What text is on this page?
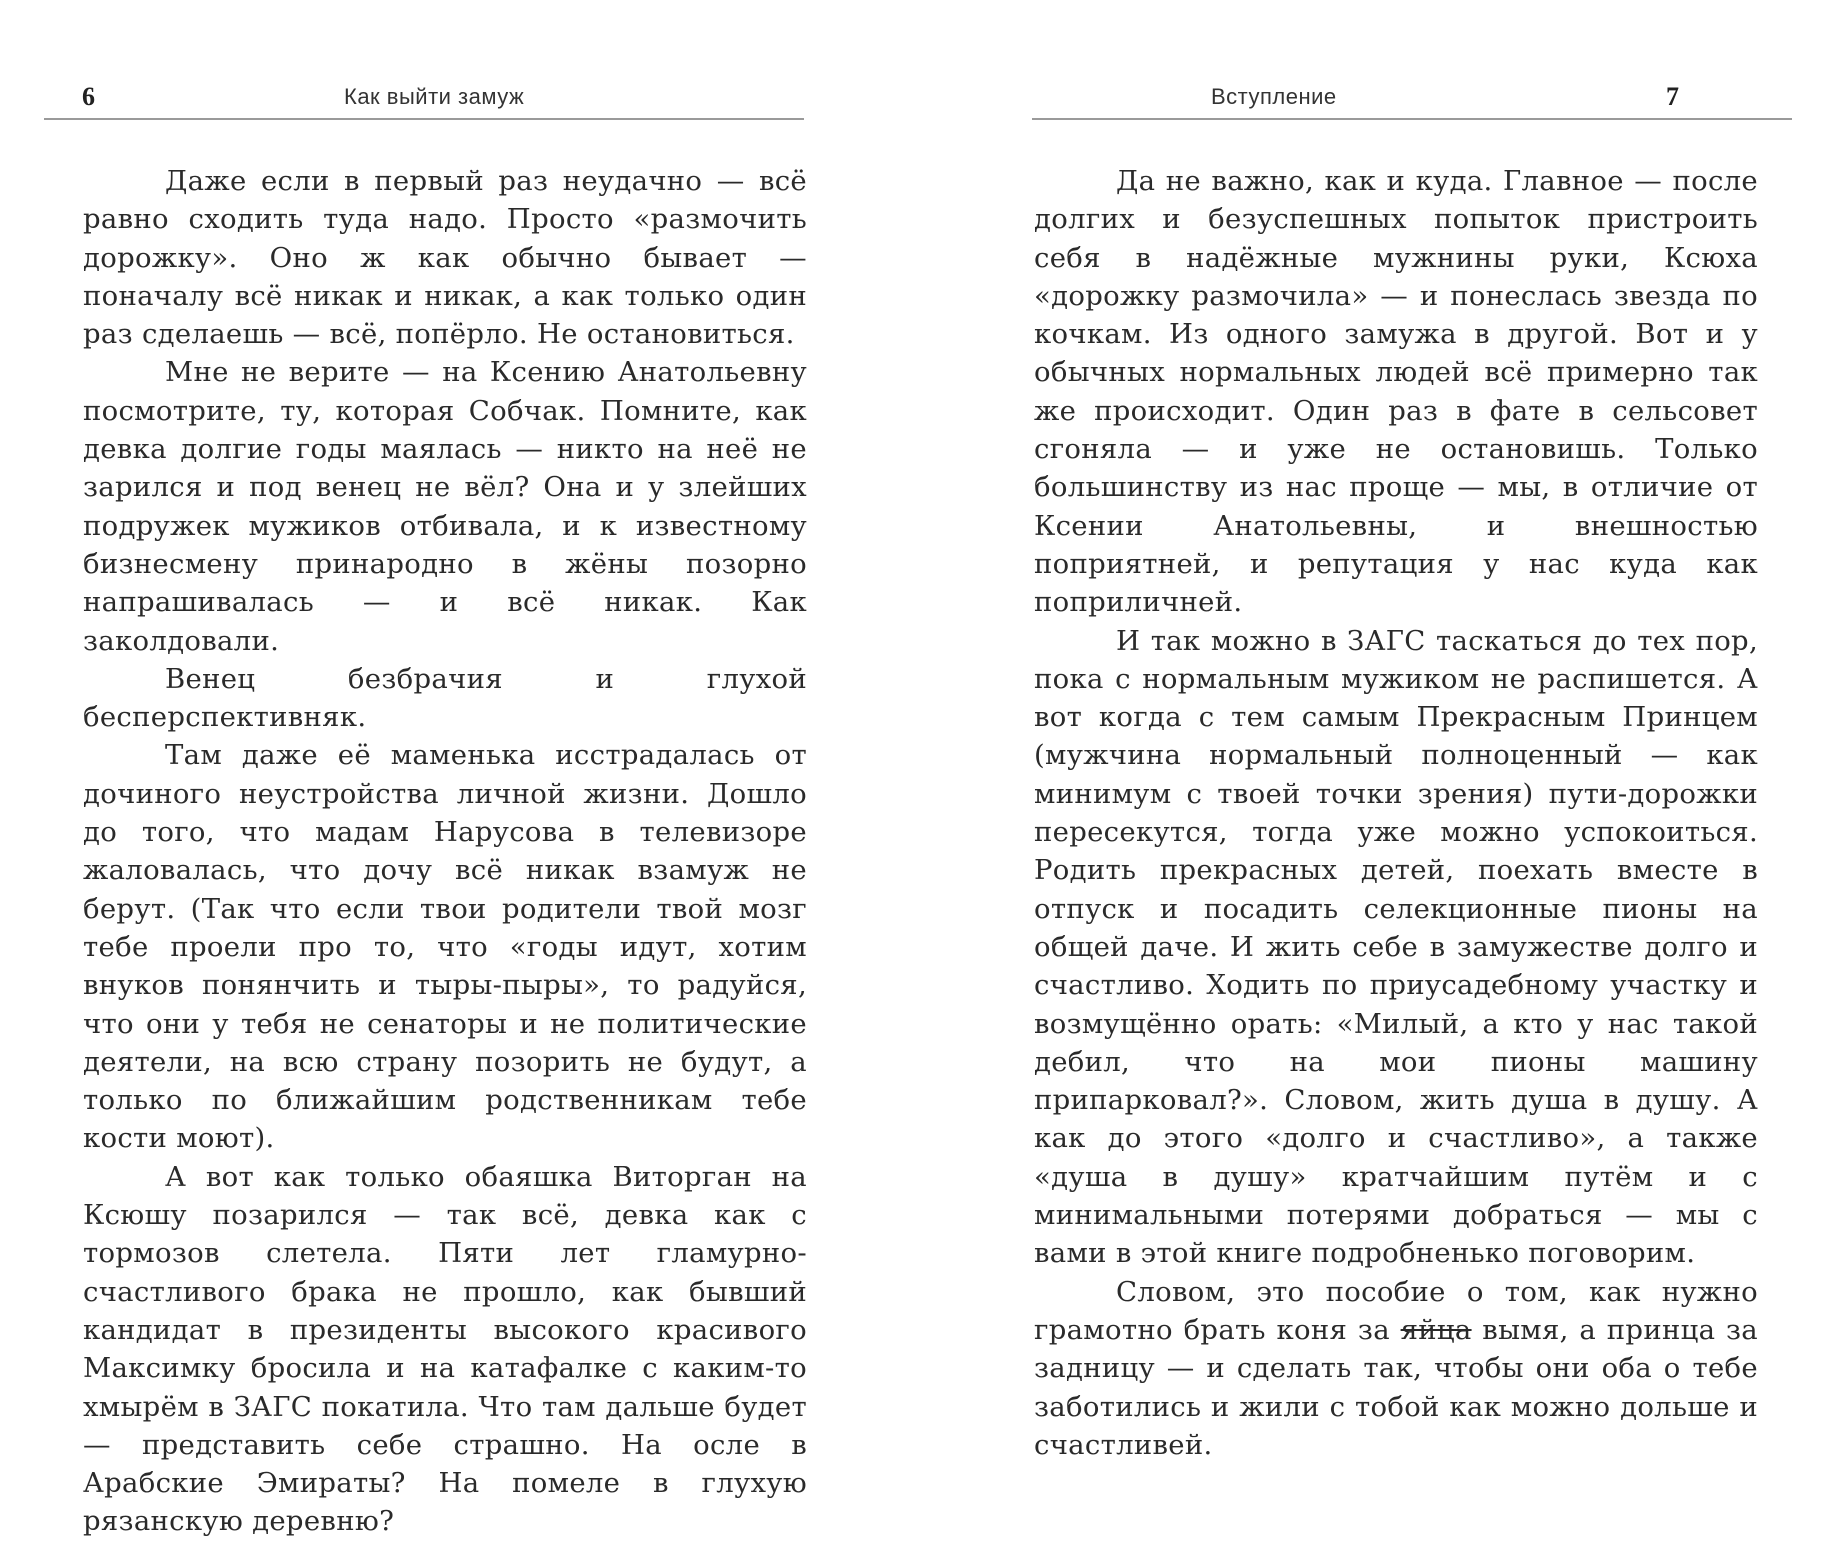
6	Как выйти замуж

Даже если в первый раз неудачно — всё равно сходить туда надо. Просто «размочить дорожку». Оно ж как обычно бывает — поначалу всё никак и никак, а как только один раз сделаешь — всё, попёрло. Не остановиться.

Мне не верите — на Ксению Анатольевну посмотрите, ту, которая Собчак. Помните, как девка долгие годы маялась — никто на неё не зарился и под венец не вёл? Она и у злейших подружек мужиков отбивала, и к известному бизнесмену принародно в жёны позорно напрашивалась — и всё никак. Как заколдовали.

Венец безбрачия и глухой бесперспективняк.

Там даже её маменька исстрадалась от дочиного неустройства личной жизни. Дошло до того, что мадам Нарусова в телевизоре жаловалась, что дочу всё никак взамуж не берут. (Так что если твои родители твой мозг тебе проели про то, что «годы идут, хотим внуков понянчить и тыры-пыры», то радуйся, что они у тебя не сенаторы и не политические деятели, на всю страну позорить не будут, а только по ближайшим родственникам тебе кости моют).

А вот как только обаяшка Виторган на Ксюшу позарился — так всё, девка как с тормозов слетела. Пяти лет гламурно-счастливого брака не прошло, как бывший кандидат в президенты высокого красивого Максимку бросила и на катафалке с каким-то хмырём в ЗАГС покатила. Что там дальше будет — представить себе страшно. На осле в Арабские Эмираты? На помеле в глухую рязанскую деревню?

Вступление	7

Да не важно, как и куда. Главное — после долгих и безуспешных попыток пристроить себя в надёжные мужнины руки, Ксюха «дорожку размочила» — и понеслась звезда по кочкам. Из одного замужа в другой. Вот и у обычных нормальных людей всё примерно так же происходит. Один раз в фате в сельсовет сгоняла — и уже не остановишь. Только большинству из нас проще — мы, в отличие от Ксении Анатольевны, и внешностью поприятней, и репутация у нас куда как поприличней.

И так можно в ЗАГС таскаться до тех пор, пока с нормальным мужиком не распишется. А вот когда с тем самым Прекрасным Принцем (мужчина нормальный полноценный — как минимум с твоей точки зрения) пути-дорожки пересекутся, тогда уже можно успокоиться. Родить прекрасных детей, поехать вместе в отпуск и посадить селекционные пионы на общей даче. И жить себе в замужестве долго и счастливо. Ходить по приусадебному участку и возмущённо орать: «Милый, а кто у нас такой дебил, что на мои пионы машину припарковал?». Словом, жить душа в душу. А как до этого «долго и счастливо», а также «душа в душу» кратчайшим путём и с минимальными потерями добраться — мы с вами в этой книге подробненько поговорим.

Словом, это пособие о том, как нужно грамотно брать коня за яйца вымя, а принца за задницу — и сделать так, чтобы они оба о тебе заботились и жили с тобой как можно дольше и счастливей.
